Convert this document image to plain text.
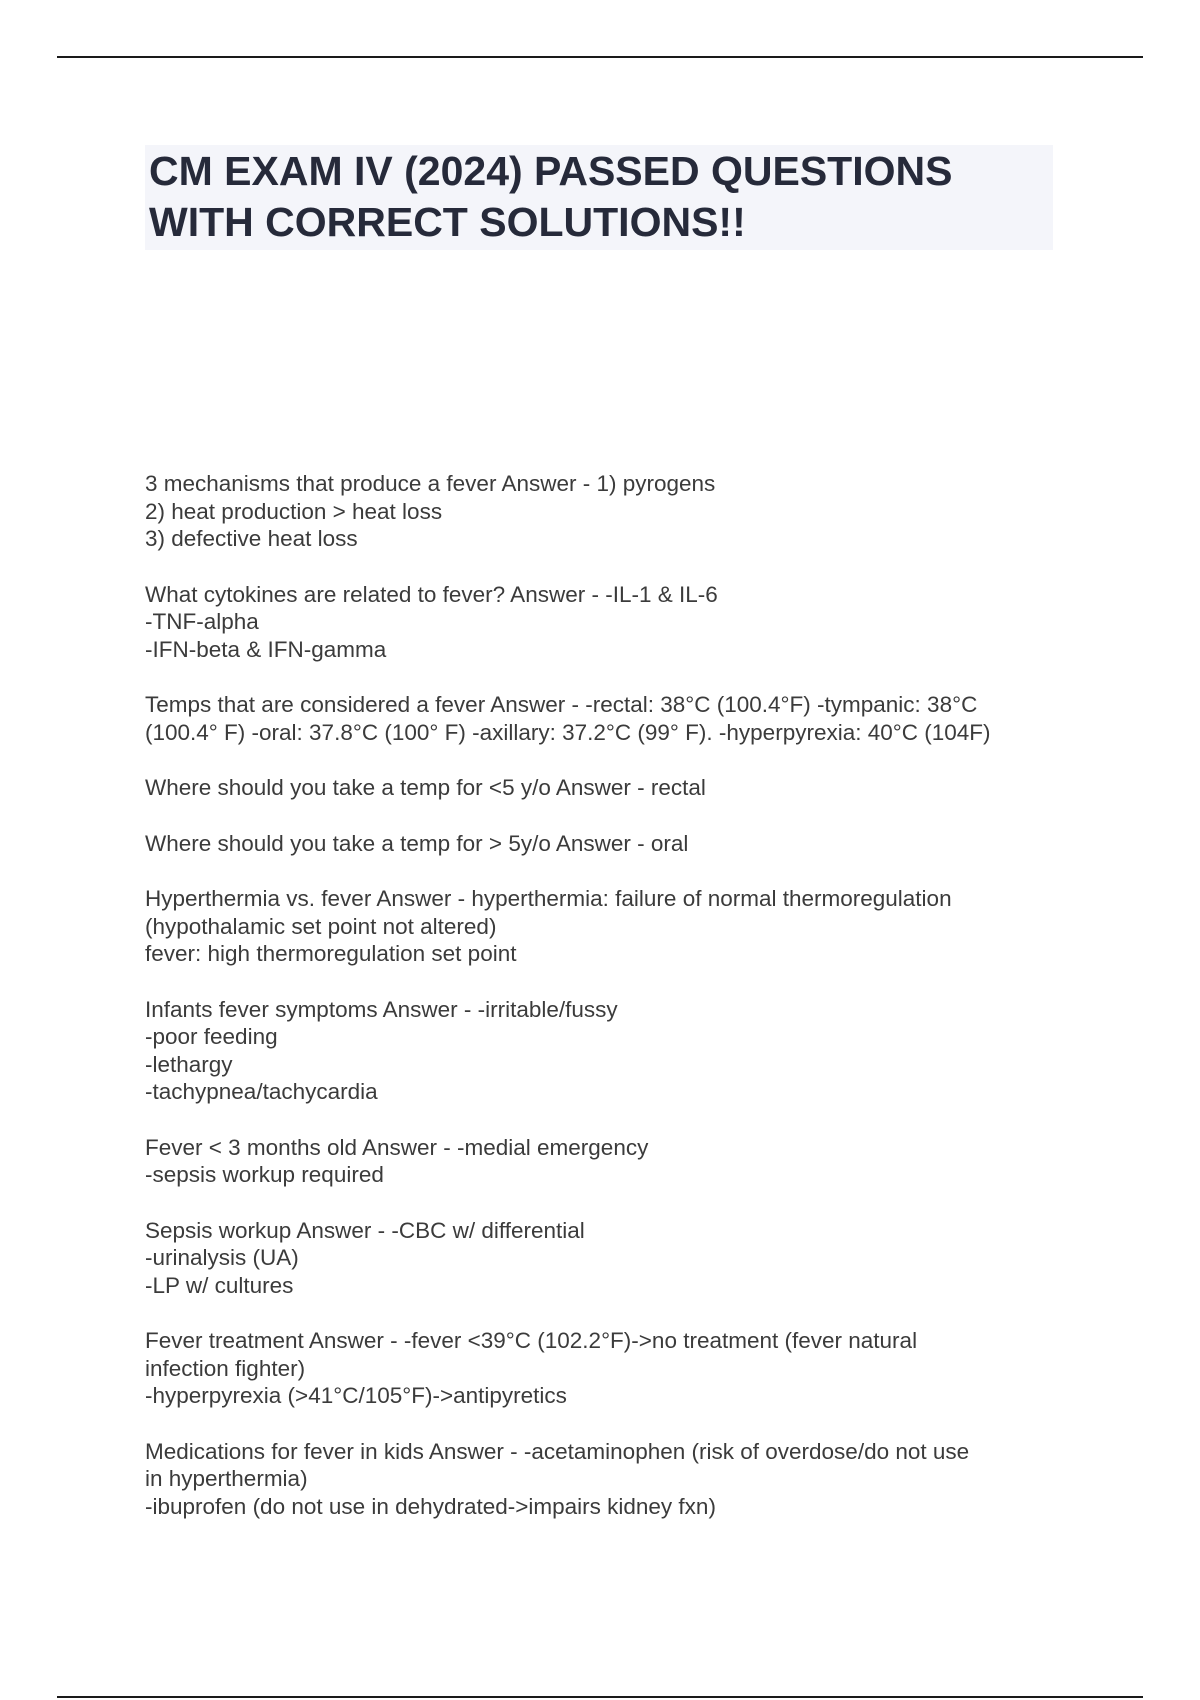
CM EXAM IV (2024) PASSED QUESTIONS
WITH CORRECT SOLUTIONS!!

3 mechanisms that produce a fever Answer - 1) pyrogens
2) heat production > heat loss
3) defective heat loss

What cytokines are related to fever? Answer - -IL-1 & IL-6
-TNF-alpha
-IFN-beta & IFN-gamma

Temps that are considered a fever Answer - -rectal: 38°C (100.4°F) -tympanic: 38°C
(100.4° F) -oral: 37.8°C (100° F) -axillary: 37.2°C (99° F). -hyperpyrexia: 40°C (104F)

Where should you take a temp for <5 y/o Answer - rectal

Where should you take a temp for > 5y/o Answer - oral

Hyperthermia vs. fever Answer - hyperthermia: failure of normal thermoregulation
(hypothalamic set point not altered)
fever: high thermoregulation set point

Infants fever symptoms Answer - -irritable/fussy
-poor feeding
-lethargy
-tachypnea/tachycardia

Fever < 3 months old Answer - -medial emergency
-sepsis workup required

Sepsis workup Answer - -CBC w/ differential
-urinalysis (UA)
-LP w/ cultures

Fever treatment Answer - -fever <39°C (102.2°F)->no treatment (fever natural
infection fighter)
-hyperpyrexia (>41°C/105°F)->antipyretics

Medications for fever in kids Answer - -acetaminophen (risk of overdose/do not use
in hyperthermia)
-ibuprofen (do not use in dehydrated->impairs kidney fxn)
